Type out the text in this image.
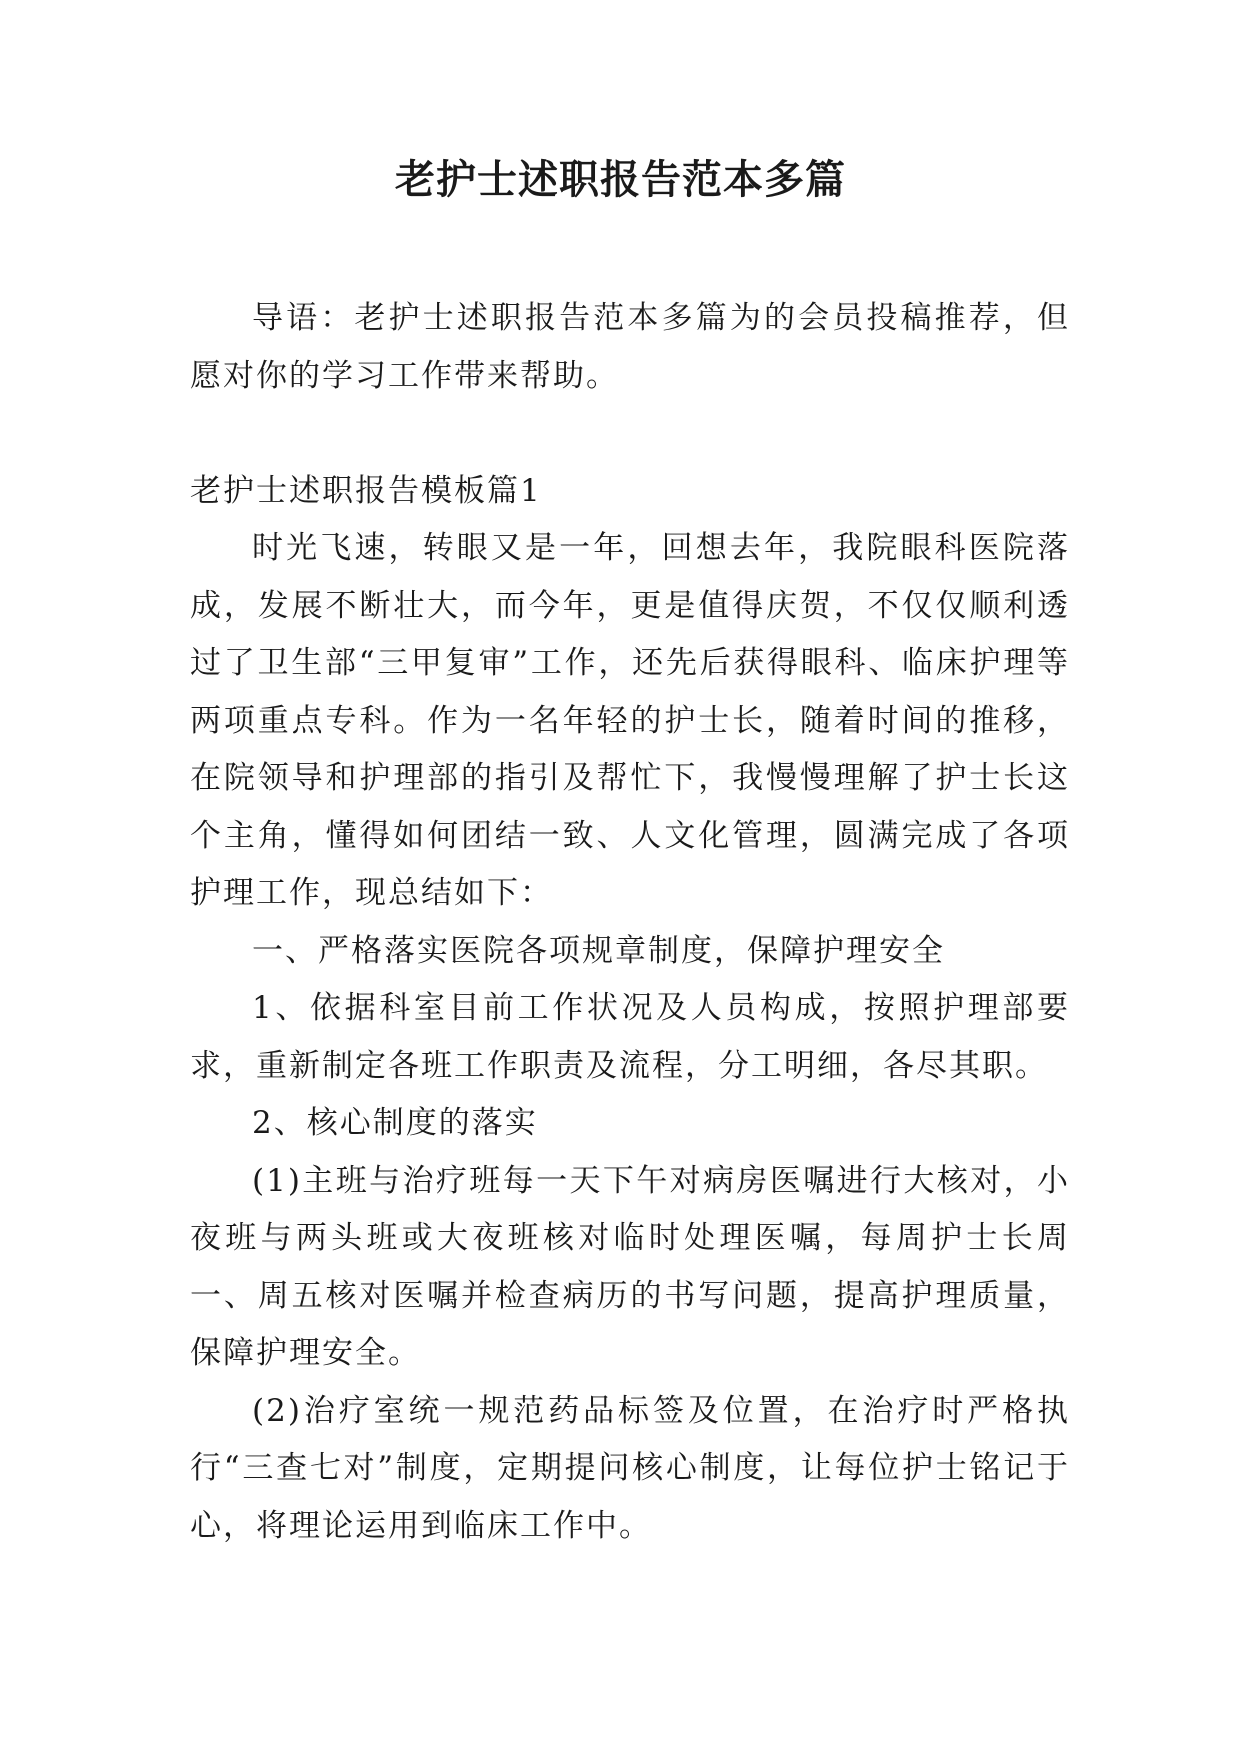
老护士述职报告范本多篇

导语：老护士述职报告范本多篇为的会员投稿推荐，但愿对你的学习工作带来帮助。

老护士述职报告模板篇1

时光飞速，转眼又是一年，回想去年，我院眼科医院落成，发展不断壮大，而今年，更是值得庆贺，不仅仅顺利透过了卫生部“三甲复审”工作，还先后获得眼科、临床护理等两项重点专科。作为一名年轻的护士长，随着时间的推移，在院领导和护理部的指引及帮忙下，我慢慢理解了护士长这个主角，懂得如何团结一致、人文化管理，圆满完成了各项护理工作，现总结如下：

一、严格落实医院各项规章制度，保障护理安全

1、依据科室目前工作状况及人员构成，按照护理部要求，重新制定各班工作职责及流程，分工明细，各尽其职。

2、核心制度的落实

(1)主班与治疗班每一天下午对病房医嘱进行大核对，小夜班与两头班或大夜班核对临时处理医嘱，每周护士长周一、周五核对医嘱并检查病历的书写问题，提高护理质量，保障护理安全。

(2)治疗室统一规范药品标签及位置，在治疗时严格执行“三查七对”制度，定期提问核心制度，让每位护士铭记于心，将理论运用到临床工作中。
